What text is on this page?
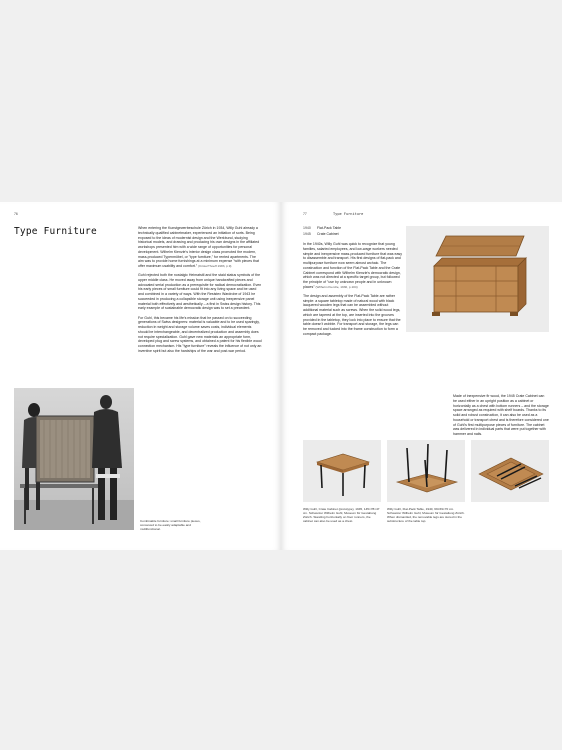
76
Type Furniture	When entering the Kunstgewerbeschule Zürich in 1934, Willy Guhl already a technically qualified cabinetmaker, experienced an initiation of sorts. Being exposed to the ideas of modernist design and the Werkbund, studying historical models, and drawing and producing his own designs in the affiliated workshops presented him with a wide range of opportunities for personal development. Wilhelm Kienzle's interior design class promoted the modern, mass-produced Typenmöbel, or "type furniture," for rented apartments. The aim was to provide home furnishings at a minimum expense "with pieces that offer maximum usability and comfort." (Kriste/Thoeff 1983, p.9)

Guhl rejected both the nostalgic Heimatstil and the staid status symbols of the upper middle class. He moved away from unique handcrafted pieces and advocated serial production as a prerequisite for radical democratization. Even his early pieces of small furniture could fit into any living space and be used and combined in a variety of ways. With the Resistex Wardrobe of 1943 he succeeded in producing a collapsible storage unit using inexpensive panel material both effectively and aesthetically – a first in Swiss design history. This early example of sustainable democratic design was to set a precedent.

For Guhl, this became his life's mission that he passed on to succeeding generations of Swiss designers: material is valuable and to be used sparingly, reduction in weight and storage volume saves costs, individual elements should be interchangeable, and decentralized production and assembly does not require specialization. Guhl gave new materials an appropriate form, developed plug and screw systems, and obtained a patent for his flexible wood connection mechanism. His "type furniture" reveals the influence of not only an inventive spirit but also the hardships of the war and post-war period.

Combinable furniture: small furniture pieces, conceived to be easily adaptable and multifunctional.
77	Type Furniture
1940 Flat-Pack Table
1945 Crate Cabinet

In the 1940s, Willy Guhl was quick to recognize that young families, salaried employees, and low-wage workers needed simple and inexpensive mass-produced furniture that was easy to disassemble and transport. His first designs of flat-pack and multipurpose furniture now seem almost archaic. The construction and function of the Flat-Pack Table and the Crate Cabinet correspond with Wilhelm Kienzle's democratic design, which was not directed at a specific target group, but followed the principle of "use by unknown people and in unknown places" (Wilhelm Kienzle, 1930, p.104)

The design and assembly of the Flat-Pack Table are rather simple: a square tabletop made of natural wood with black lacquered wooden legs that can be assembled without additional material such as screws. When the solid wood legs, which are tapered at the top, are inserted into the grooves provided in the tabletop, they lock into place to ensure that the table doesn't wobble. For transport and storage, the legs can be removed and tucked into the frame construction to form a compact package.

Made of inexpensive fir wood, the 1945 Crate Cabinet can be used either in an upright position as a cabinet or horizontally as a chest with bottom runners – and the storage space arranged as required with shelf boards. Thanks to its solid and robust construction, it can also be used as a household or transport chest and is therefore considered one of Guhl's first multipurpose pieces of furniture. The cabinet was delivered in individual parts that were put together with hammer and nails.
Willy Guhl, Crate Cabinet (prototype), 1945, 145×78×47 cm. Schweizer Wilhelm Guhl, Museum für Gestaltung Zürich. Standing horizontally on floor runners, the cabinet can also be used as a chest.
Willy Guhl, Flat-Pack Table, 1940, 69×69×70 cm. Schweizer Wilhelm Guhl, Museum für Gestaltung Zürich. When dismantled, the removable legs are stored in the substructure of the table top.
